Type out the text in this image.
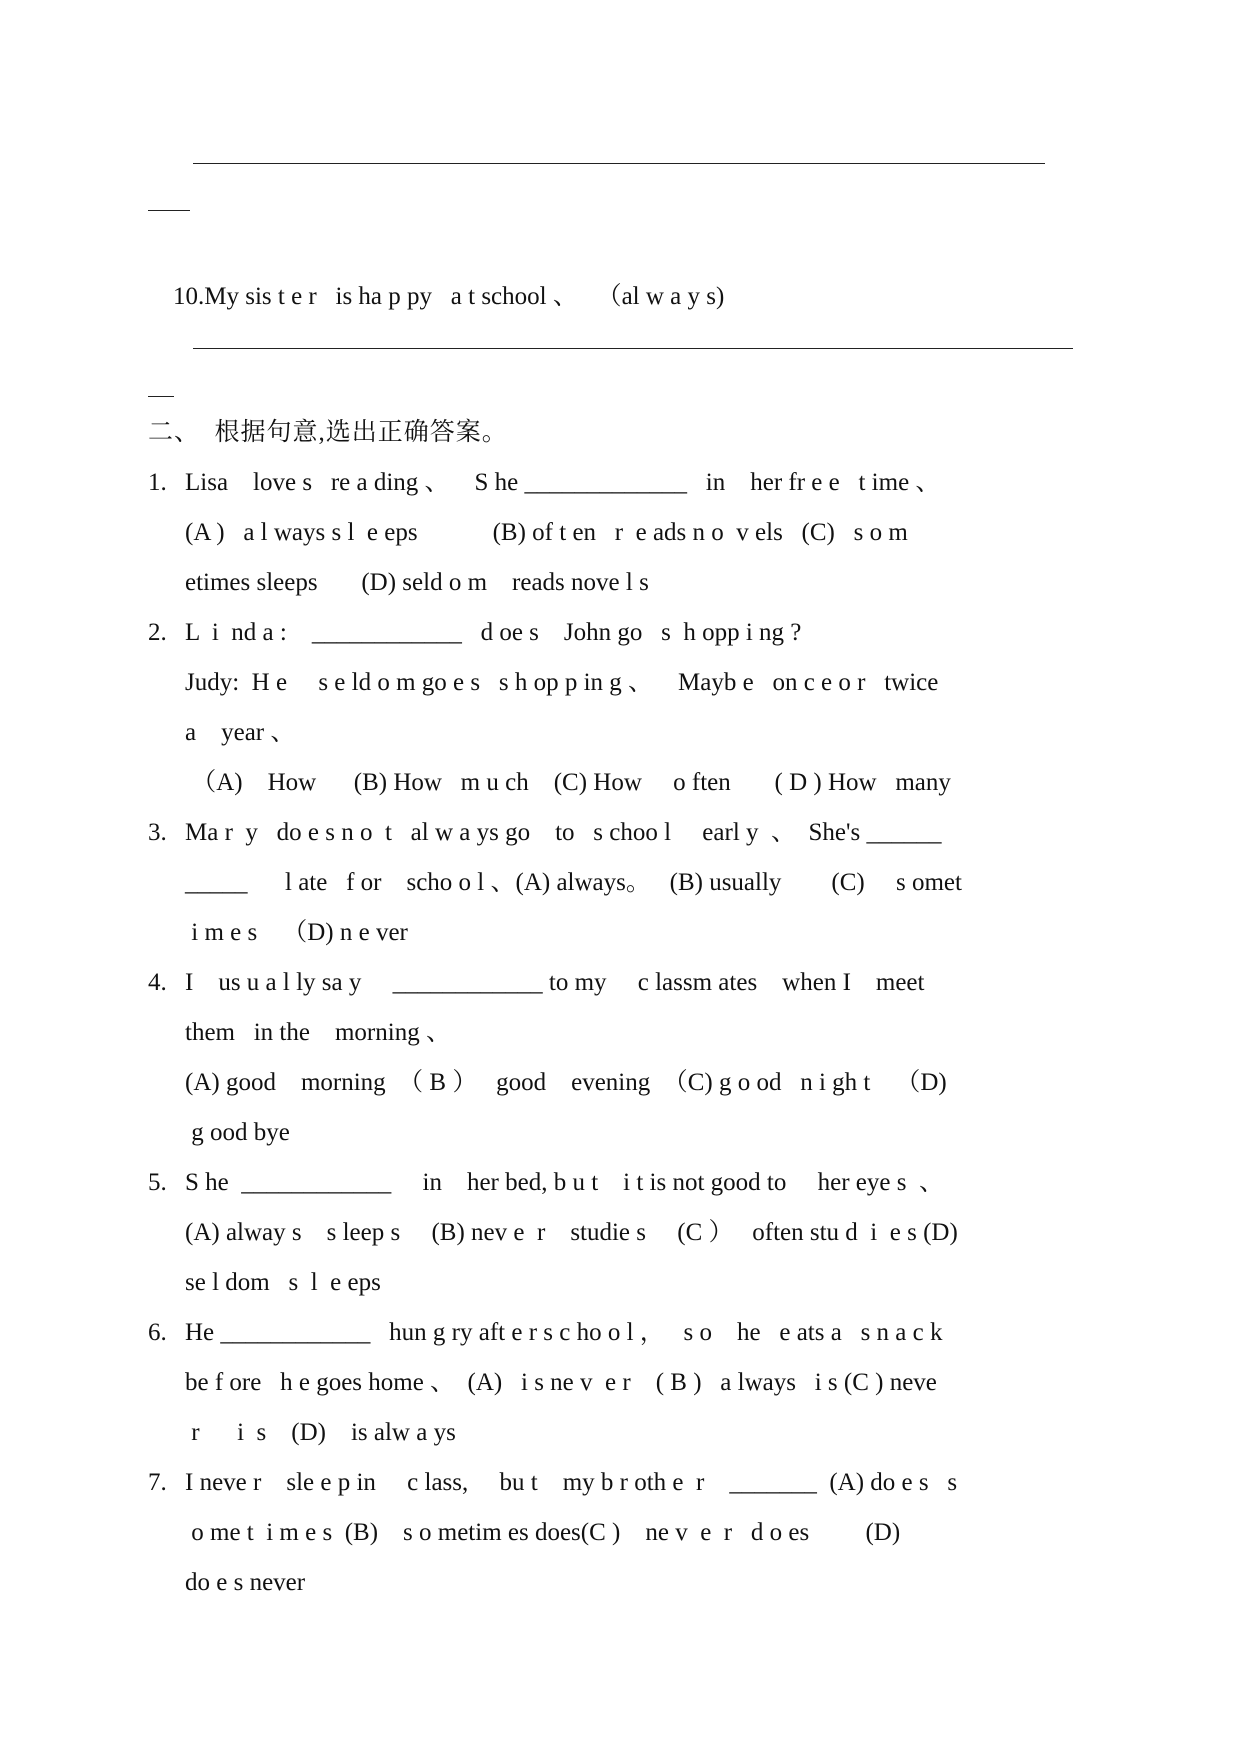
10.My sis t e r   is ha p py   a t school 、   （al w a y s)

二、  根据句意,选出正确答案。
1. Lisa    love s   re a ding 、    S he _____________   in    her fr e e   t ime 、
(A )   a l ways s l  e eps            (B) of t en   r  e ads n o  v els   (C)   s o m
etimes sleeps       (D) seld o m    reads nove l s
2. L  i  nd a :    ____________   d oe s    John go   s  h opp i ng ?
Judy:  H e     s e ld o m go e s   s h op p in g 、    Mayb e   on c e o r   twice
a    year 、
（A)    How      (B) How   m u ch    (C) How     o ften       ( D ) How   many
3. Ma r  y   do e s n o  t   al w a ys go    to   s choo l     earl y  、  She's ______
_____      l ate   f or    scho o l 、(A) always。   (B) usually        (C)     s omet
i m e s    （D) n e ver
4. I    us u a l ly sa y     ____________ to my     c lassm ates    when I    meet
them   in the    morning 、
(A) good    morning  （ B ）   good    evening  （C) g o od   n i gh t    （D)
g ood bye
5. S he  ____________     in    her bed, b u t    i t is not good to     her eye s  、
(A) alway s    s leep s     (B) nev e  r    studie s     (C ）   often stu d  i  e s (D)
se l dom   s  l  e eps
6. He ____________   hun g ry aft e r s c ho o l ，   s o    he   e ats a   s n a c k
be f ore   h e goes home 、  (A)   i s ne v  e r    ( B )   a lways   i s (C ) neve
r      i  s    (D)    is alw a ys
7. I neve r    sle e p in     c lass,     bu t    my b r oth e  r    _______  (A) do e s   s
o me t  i m e s  (B)    s o metim es does(C )    ne v  e  r   d o es         (D)
do e s never
